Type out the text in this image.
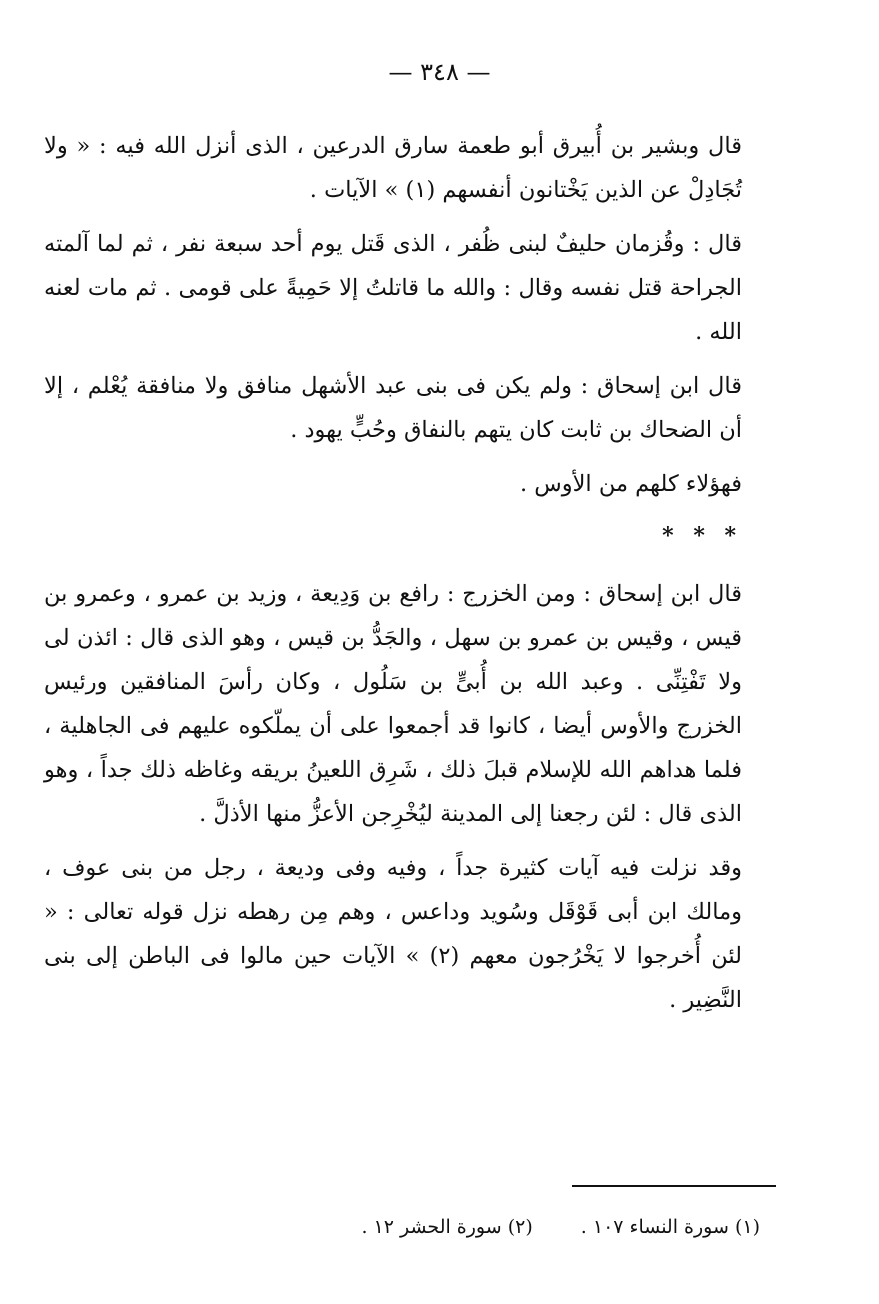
— ٣٤٨ —

قال وبشير بن أُبيرق أبو طعمة سارق الدرعين ، الذى أنزل الله فيه : « ولا تُجَادِلْ عن الذين يَخْتانون أنفسهم (١) » الآيات .

قال : وقُزمان حليفٌ لبنى ظُفر ، الذى قَتل يوم أحد سبعة نفر ، ثم لما آلمته الجراحة قتل نفسه وقال : والله ما قاتلتُ إلا حَمِيةً على قومى . ثم مات لعنه الله .

قال ابن إسحاق : ولم يكن فى بنى عبد الأشهل منافق ولا منافقة يُعْلم ، إلا أن الضحاك بن ثابت كان يتهم بالنفاق وحُبٍّ يهود .

فهؤلاء كلهم من الأوس .

* * *

قال ابن إسحاق : ومن الخزرج : رافع بن وَدِيعة ، وزيد بن عمرو ، وعمرو بن قيس ، وقيس بن عمرو بن سهل ، والجَدُّ بن قيس ، وهو الذى قال : ائذن لى ولا تَفْتِنِّى . وعبد الله بن أُبىٍّ بن سَلُول ، وكان رأسَ المنافقين ورئيس الخزرج والأوس أيضا ، كانوا قد أجمعوا على أن يملّكوه عليهم فى الجاهلية ، فلما هداهم الله للإسلام قبلَ ذلك ، شَرِق اللعينُ بريقه وغاظه ذلك جداً ، وهو الذى قال : لئن رجعنا إلى المدينة ليُخْرِجن الأعزُّ منها الأذلَّ .

وقد نزلت فيه آيات كثيرة جداً ، وفيه وفى وديعة ، رجل من بنى عوف ، ومالك ابن أبى قَوْقَل وسُويد وداعس ، وهم مِن رهطه نزل قوله تعالى : « لئن أُخرجوا لا يَخْرُجون معهم (٢) » الآيات حين مالوا فى الباطن إلى بنى النَّضِير .

(١) سورة النساء ١٠٧ .
(٢) سورة الحشر ١٢ .
